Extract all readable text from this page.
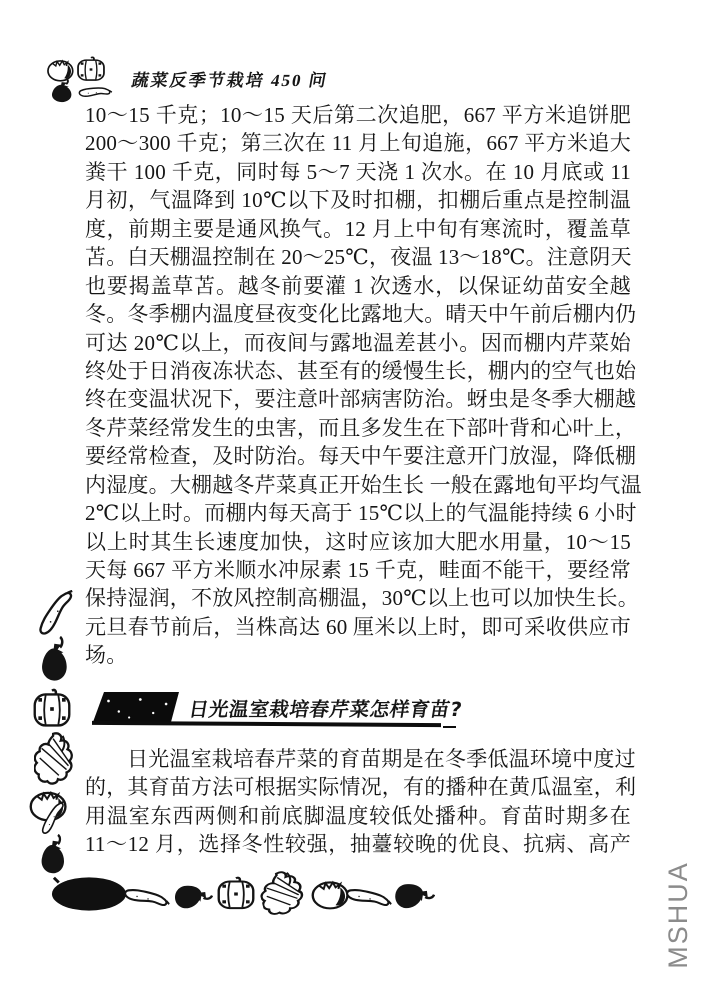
蔬菜反季节栽培 450 问
10～15 千克；10～15 天后第二次追肥，667 平方米追饼肥
200～300 千克；第三次在 11 月上旬追施，667 平方米追大
粪干 100 千克，同时每 5～7 天浇 1 次水。在 10 月底或 11
月初，气温降到 10℃以下及时扣棚，扣棚后重点是控制温
度，前期主要是通风换气。12 月上中旬有寒流时，覆盖草
苫。白天棚温控制在 20～25℃，夜温 13～18℃。注意阴天
也要揭盖草苫。越冬前要灌 1 次透水，以保证幼苗安全越
冬。冬季棚内温度昼夜变化比露地大。晴天中午前后棚内仍
可达 20℃以上，而夜间与露地温差甚小。因而棚内芹菜始
终处于日消夜冻状态、甚至有的缓慢生长，棚内的空气也始
终在变温状况下，要注意叶部病害防治。蚜虫是冬季大棚越
冬芹菜经常发生的虫害，而且多发生在下部叶背和心叶上，
要经常检查，及时防治。每天中午要注意开门放湿，降低棚
内湿度。大棚越冬芹菜真正开始生长 一般在露地旬平均气温
2℃以上时。而棚内每天高于 15℃以上的气温能持续 6 小时
以上时其生长速度加快，这时应该加大肥水用量，10～15
天每 667 平方米顺水冲尿素 15 千克，畦面不能干，要经常
保持湿润，不放风控制高棚温，30℃以上也可以加快生长。
元旦春节前后，当株高达 60 厘米以上时，即可采收供应市
场。
日光温室栽培春芹菜怎样育苗?
日光温室栽培春芹菜的育苗期是在冬季低温环境中度过
的，其育苗方法可根据实际情况，有的播种在黄瓜温室，利
用温室东西两侧和前底脚温度较低处播种。育苗时期多在
11～12 月，选择冬性较强，抽薹较晚的优良、抗病、高产
MSHUA
